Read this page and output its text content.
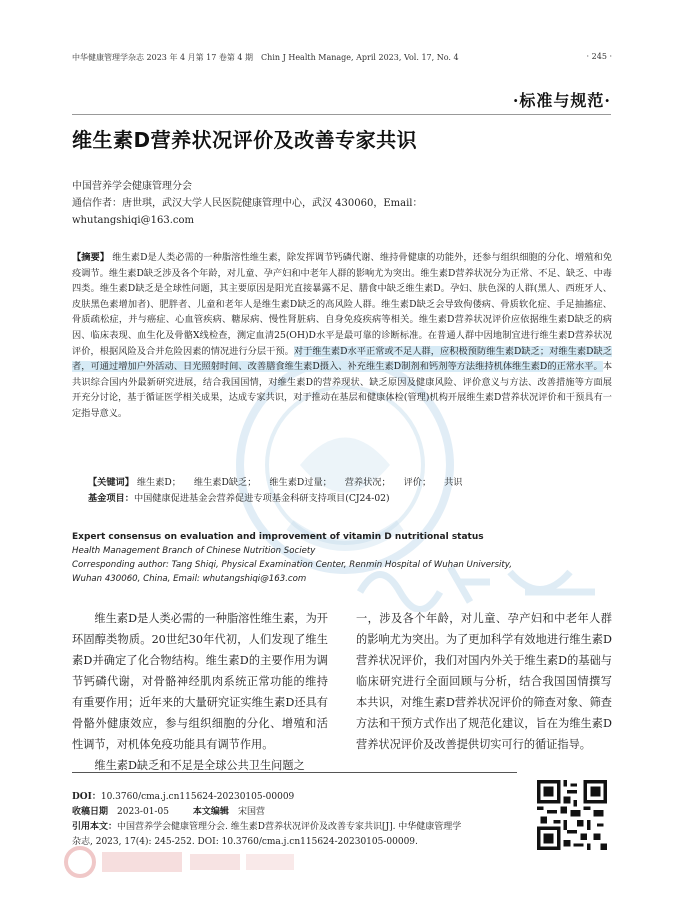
中华健康管理学杂志 2023 年 4 月第 17 卷第 4 期　Chin J Health Manage, April 2023, Vol. 17, No. 4	· 245 ·
·标准与规范·
维生素D营养状况评价及改善专家共识
中国营养学会健康管理分会
通信作者：唐世琪，武汉大学人民医院健康管理中心，武汉 430060，Email：
whutangshiqi@163.com
【摘要】 维生素D是人类必需的一种脂溶性维生素，除发挥调节钙磷代谢、维持骨健康的功能外，还参与组织细胞的分化、增殖和免疫调节。维生素D缺乏涉及各个年龄，对儿童、孕产妇和中老年人群的影响尤为突出。维生素D营养状况分为正常、不足、缺乏、中毒四类。维生素D缺乏是全球性问题，其主要原因是阳光直接暴露不足、膳食中缺乏维生素D。孕妇、肤色深的人群(黑人、西班牙人、皮肤黑色素增加者)、肥胖者、儿童和老年人是维生素D缺乏的高风险人群。维生素D缺乏会导致佝偻病、骨质软化症、手足抽搐症、骨质疏松症，并与癌症、心血管疾病、糖尿病、慢性肾脏病、自身免疫疾病等相关。维生素D营养状况评价应依据维生素D缺乏的病因、临床表现、血生化及骨骼X线检查，测定血清25(OH)D水平是最可靠的诊断标准。在普通人群中因地制宜进行维生素D营养状况评价，根据风险及合并危险因素的情况进行分层干预。对于维生素D水平正常或不足人群，应积极预防维生素D缺乏；对维生素D缺乏者，可通过增加户外活动、日光照射时间、改善膳食维生素D摄入、补充维生素D制剂和钙剂等方法维持机体维生素D的正常水平。本共识综合国内外最新研究进展，结合我国国情，对维生素D的营养现状、缺乏原因及健康风险、评价意义与方法、改善措施等方面展开充分讨论，基于循证医学相关成果，达成专家共识，对于推动在基层和健康体检(管理)机构开展维生素D营养状况评价和干预具有一定指导意义。
【关键词】 维生素D； 维生素D缺乏； 维生素D过量； 营养状况； 评价； 共识
基金项目：中国健康促进基金会营养促进专项基金科研支持项目(CJ24-02)
Expert consensus on evaluation and improvement of vitamin D nutritional status
Health Management Branch of Chinese Nutrition Society
Corresponding author: Tang Shiqi, Physical Examination Center, Renmin Hospital of Wuhan University,
Wuhan 430060, China, Email: whutangshiqi@163.com

维生素D是人类必需的一种脂溶性维生素，为开环固醇类物质。20世纪30年代初，人们发现了维生素D并确定了化合物结构。维生素D的主要作用为调节钙磷代谢，对骨骼神经肌肉系统正常功能的维持有重要作用；近年来的大量研究证实维生素D还具有骨骼外健康效应，参与组织细胞的分化、增殖和活性调节，对机体免疫功能具有调节作用。

维生素D缺乏和不足是全球公共卫生问题之

一，涉及各个年龄，对儿童、孕产妇和中老年人群的影响尤为突出。为了更加科学有效地进行维生素D营养状况评价，我们对国内外关于维生素D的基础与临床研究进行全面回顾与分析，结合我国国情撰写本共识，对维生素D营养状况评价的筛查对象、筛查方法和干预方式作出了规范化建议，旨在为维生素D营养状况评价及改善提供切实可行的循证指导。

DOI：10.3760/cma.j.cn115624-20230105-00009
收稿日期　 2023-01-05	本文编辑　 宋国营
引用本文：中国营养学会健康管理分会. 维生素D营养状况评价及改善专家共识[J]. 中华健康管理学
杂志, 2023, 17(4): 245-252. DOI: 10.3760/cma.j.cn115624-20230105-00009.
